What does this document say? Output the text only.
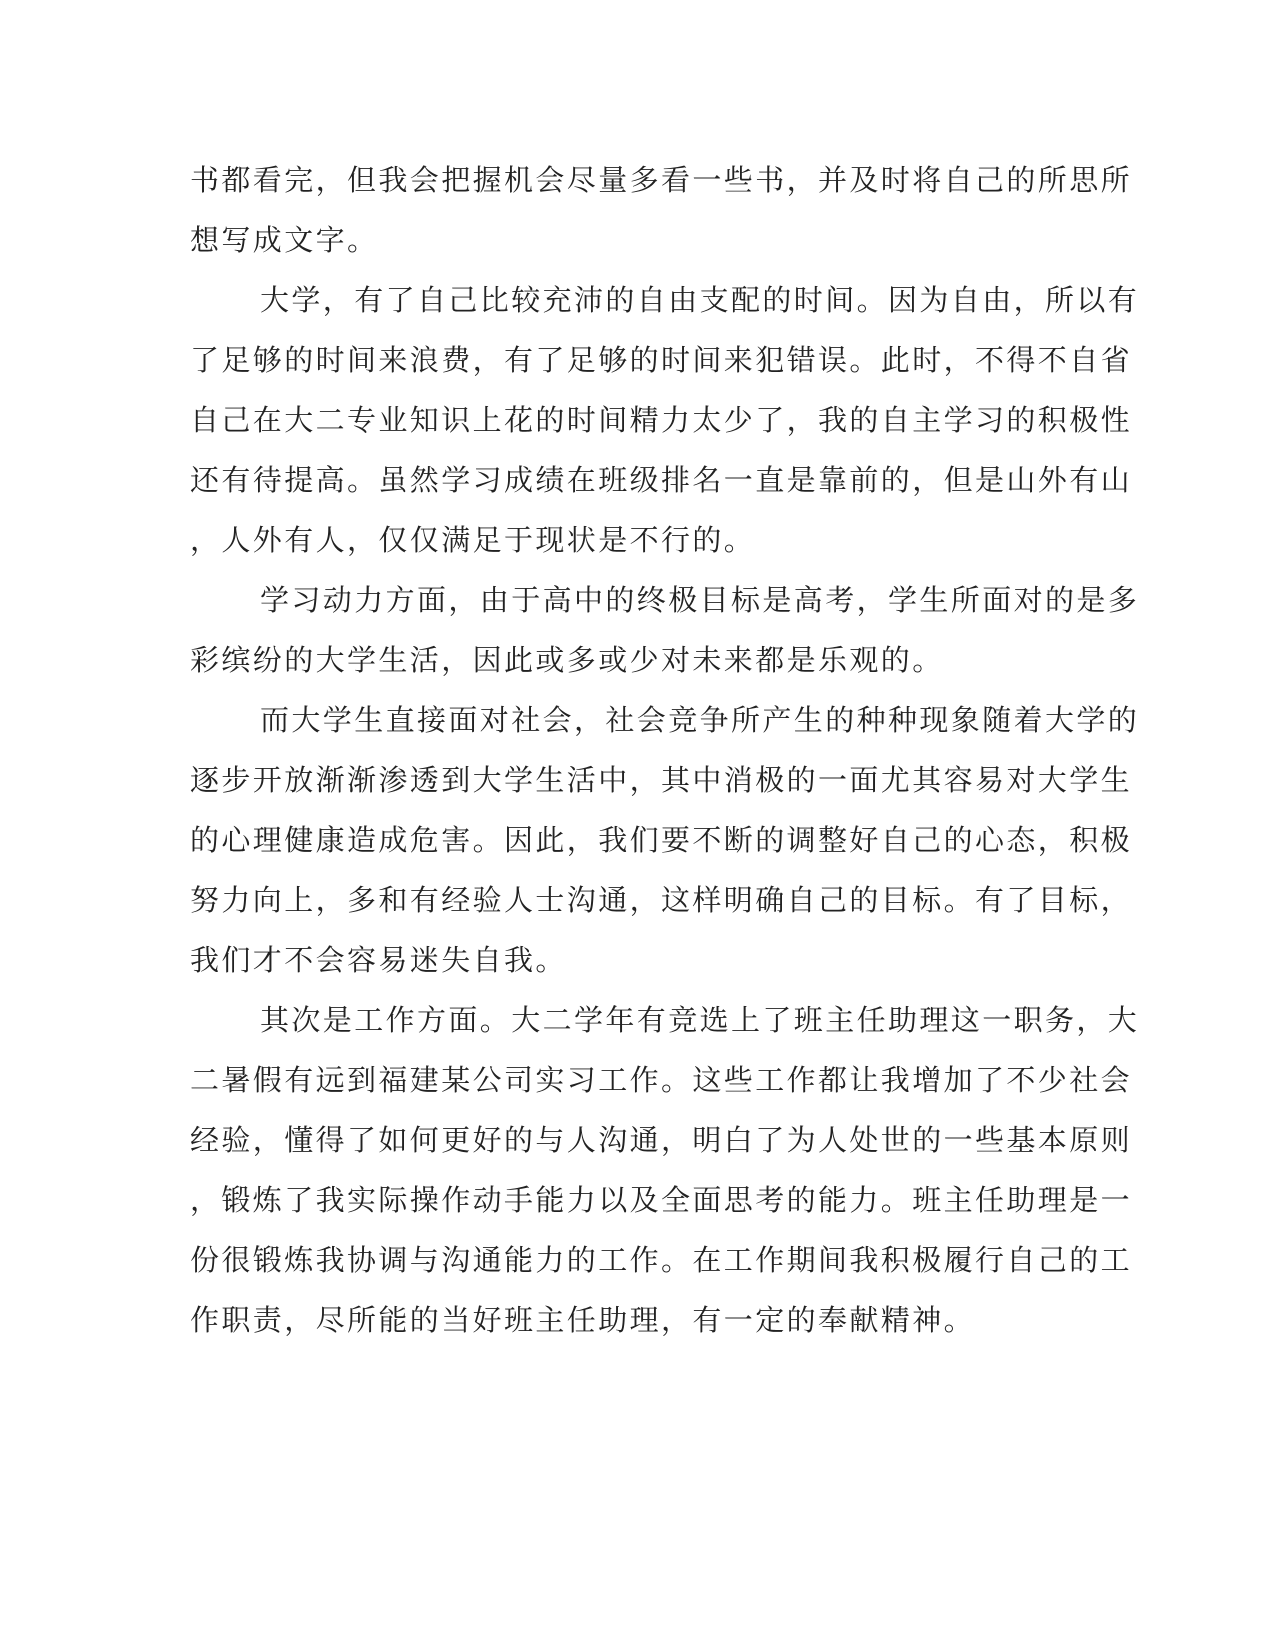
书都看完，但我会把握机会尽量多看一些书，并及时将自己的所思所
想写成文字。
大学，有了自己比较充沛的自由支配的时间。因为自由，所以有
了足够的时间来浪费，有了足够的时间来犯错误。此时，不得不自省
自己在大二专业知识上花的时间精力太少了，我的自主学习的积极性
还有待提高。虽然学习成绩在班级排名一直是靠前的，但是山外有山
，人外有人，仅仅满足于现状是不行的。
学习动力方面，由于高中的终极目标是高考，学生所面对的是多
彩缤纷的大学生活，因此或多或少对未来都是乐观的。
而大学生直接面对社会，社会竞争所产生的种种现象随着大学的
逐步开放渐渐渗透到大学生活中，其中消极的一面尤其容易对大学生
的心理健康造成危害。因此，我们要不断的调整好自己的心态，积极
努力向上，多和有经验人士沟通，这样明确自己的目标。有了目标，
我们才不会容易迷失自我。
其次是工作方面。大二学年有竞选上了班主任助理这一职务，大
二暑假有远到福建某公司实习工作。这些工作都让我增加了不少社会
经验，懂得了如何更好的与人沟通，明白了为人处世的一些基本原则
，锻炼了我实际操作动手能力以及全面思考的能力。班主任助理是一
份很锻炼我协调与沟通能力的工作。在工作期间我积极履行自己的工
作职责，尽所能的当好班主任助理，有一定的奉献精神。
